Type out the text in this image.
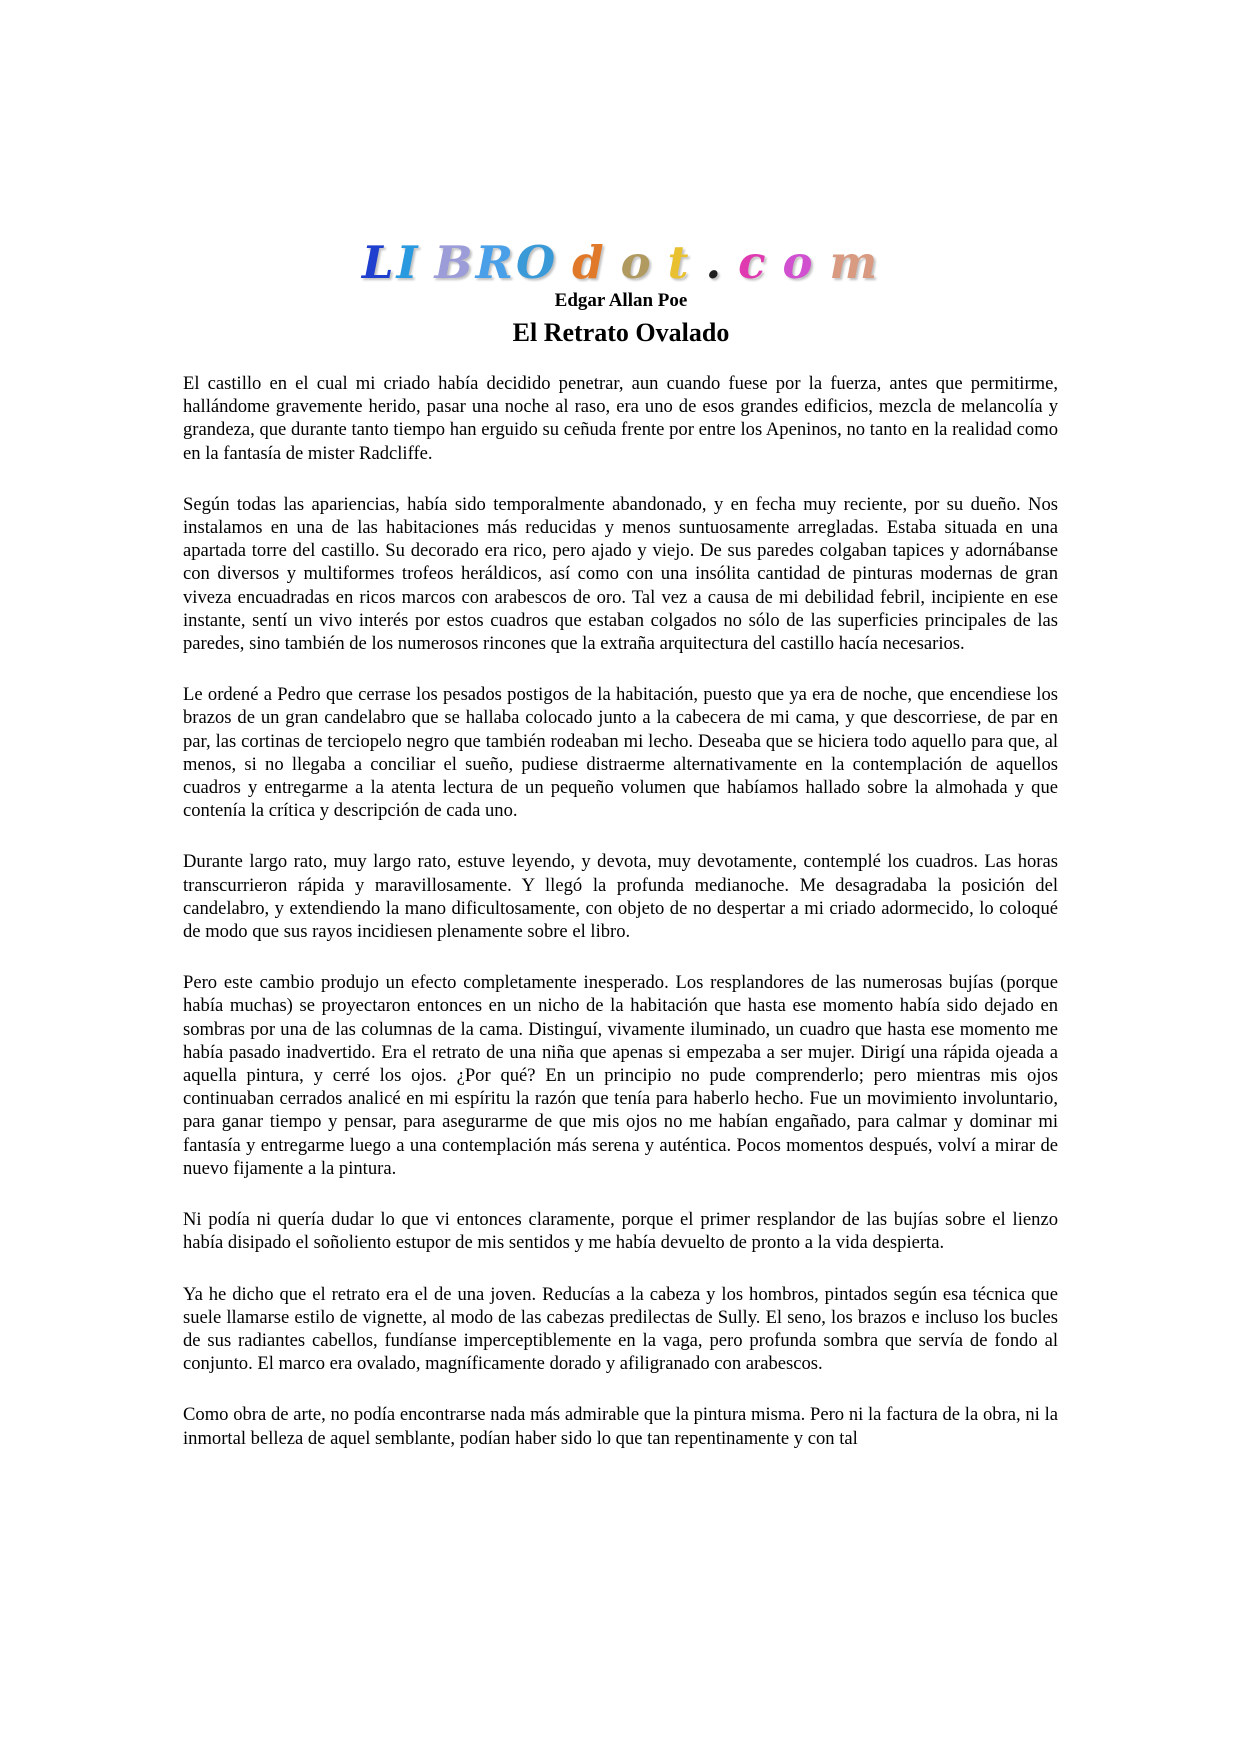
LI BRO d o t . c o m
Edgar Allan Poe
El Retrato Ovalado

El castillo en el cual mi criado había decidido penetrar, aun cuando fuese por la fuerza, antes que permitirme, hallándome gravemente herido, pasar una noche al raso, era uno de esos grandes edificios, mezcla de melancolía y grandeza, que durante tanto tiempo han erguido su ceñuda frente por entre los Apeninos, no tanto en la realidad como en la fantasía de mister Radcliffe.

Según todas las apariencias, había sido temporalmente abandonado, y en fecha muy reciente, por su dueño. Nos instalamos en una de las habitaciones más reducidas y menos suntuosamente arregladas. Estaba situada en una apartada torre del castillo. Su decorado era rico, pero ajado y viejo. De sus paredes colgaban tapices y adornábanse con diversos y multiformes trofeos heráldicos, así como con una insólita cantidad de pinturas modernas de gran viveza encuadradas en ricos marcos con arabescos de oro. Tal vez a causa de mi debilidad febril, incipiente en ese instante, sentí un vivo interés por estos cuadros que estaban colgados no sólo de las superficies principales de las paredes, sino también de los numerosos rincones que la extraña arquitectura del castillo hacía necesarios.

Le ordené a Pedro que cerrase los pesados postigos de la habitación, puesto que ya era de noche, que encendiese los brazos de un gran candelabro que se hallaba colocado junto a la cabecera de mi cama, y que descorriese, de par en par, las cortinas de terciopelo negro que también rodeaban mi lecho. Deseaba que se hiciera todo aquello para que, al menos, si no llegaba a conciliar el sueño, pudiese distraerme alternativamente en la contemplación de aquellos cuadros y entregarme a la atenta lectura de un pequeño volumen que habíamos hallado sobre la almohada y que contenía la crítica y descripción de cada uno.

Durante largo rato, muy largo rato, estuve leyendo, y devota, muy devotamente, contemplé los cuadros. Las horas transcurrieron rápida y maravillosamente. Y llegó la profunda medianoche. Me desagradaba la posición del candelabro, y extendiendo la mano dificultosamente, con objeto de no despertar a mi criado adormecido, lo coloqué de modo que sus rayos incidiesen plenamente sobre el libro.

Pero este cambio produjo un efecto completamente inesperado. Los resplandores de las numerosas bujías (porque había muchas) se proyectaron entonces en un nicho de la habitación que hasta ese momento había sido dejado en sombras por una de las columnas de la cama. Distinguí, vivamente iluminado, un cuadro que hasta ese momento me había pasado inadvertido. Era el retrato de una niña que apenas si empezaba a ser mujer. Dirigí una rápida ojeada a aquella pintura, y cerré los ojos. ¿Por qué? En un principio no pude comprenderlo; pero mientras mis ojos continuaban cerrados analicé en mi espíritu la razón que tenía para haberlo hecho. Fue un movimiento involuntario, para ganar tiempo y pensar, para asegurarme de que mis ojos no me habían engañado, para calmar y dominar mi fantasía y entregarme luego a una contemplación más serena y auténtica. Pocos momentos después, volví a mirar de nuevo fijamente a la pintura.

Ni podía ni quería dudar lo que vi entonces claramente, porque el primer resplandor de las bujías sobre el lienzo había disipado el soñoliento estupor de mis sentidos y me había devuelto de pronto a la vida despierta.

Ya he dicho que el retrato era el de una joven. Reducías a la cabeza y los hombros, pintados según esa técnica que suele llamarse estilo de vignette, al modo de las cabezas predilectas de Sully. El seno, los brazos e incluso los bucles de sus radiantes cabellos, fundíanse imperceptiblemente en la vaga, pero profunda sombra que servía de fondo al conjunto. El marco era ovalado, magníficamente dorado y afiligranado con arabescos.

Como obra de arte, no podía encontrarse nada más admirable que la pintura misma. Pero ni la factura de la obra, ni la inmortal belleza de aquel semblante, podían haber sido lo que tan repentinamente y con tal
